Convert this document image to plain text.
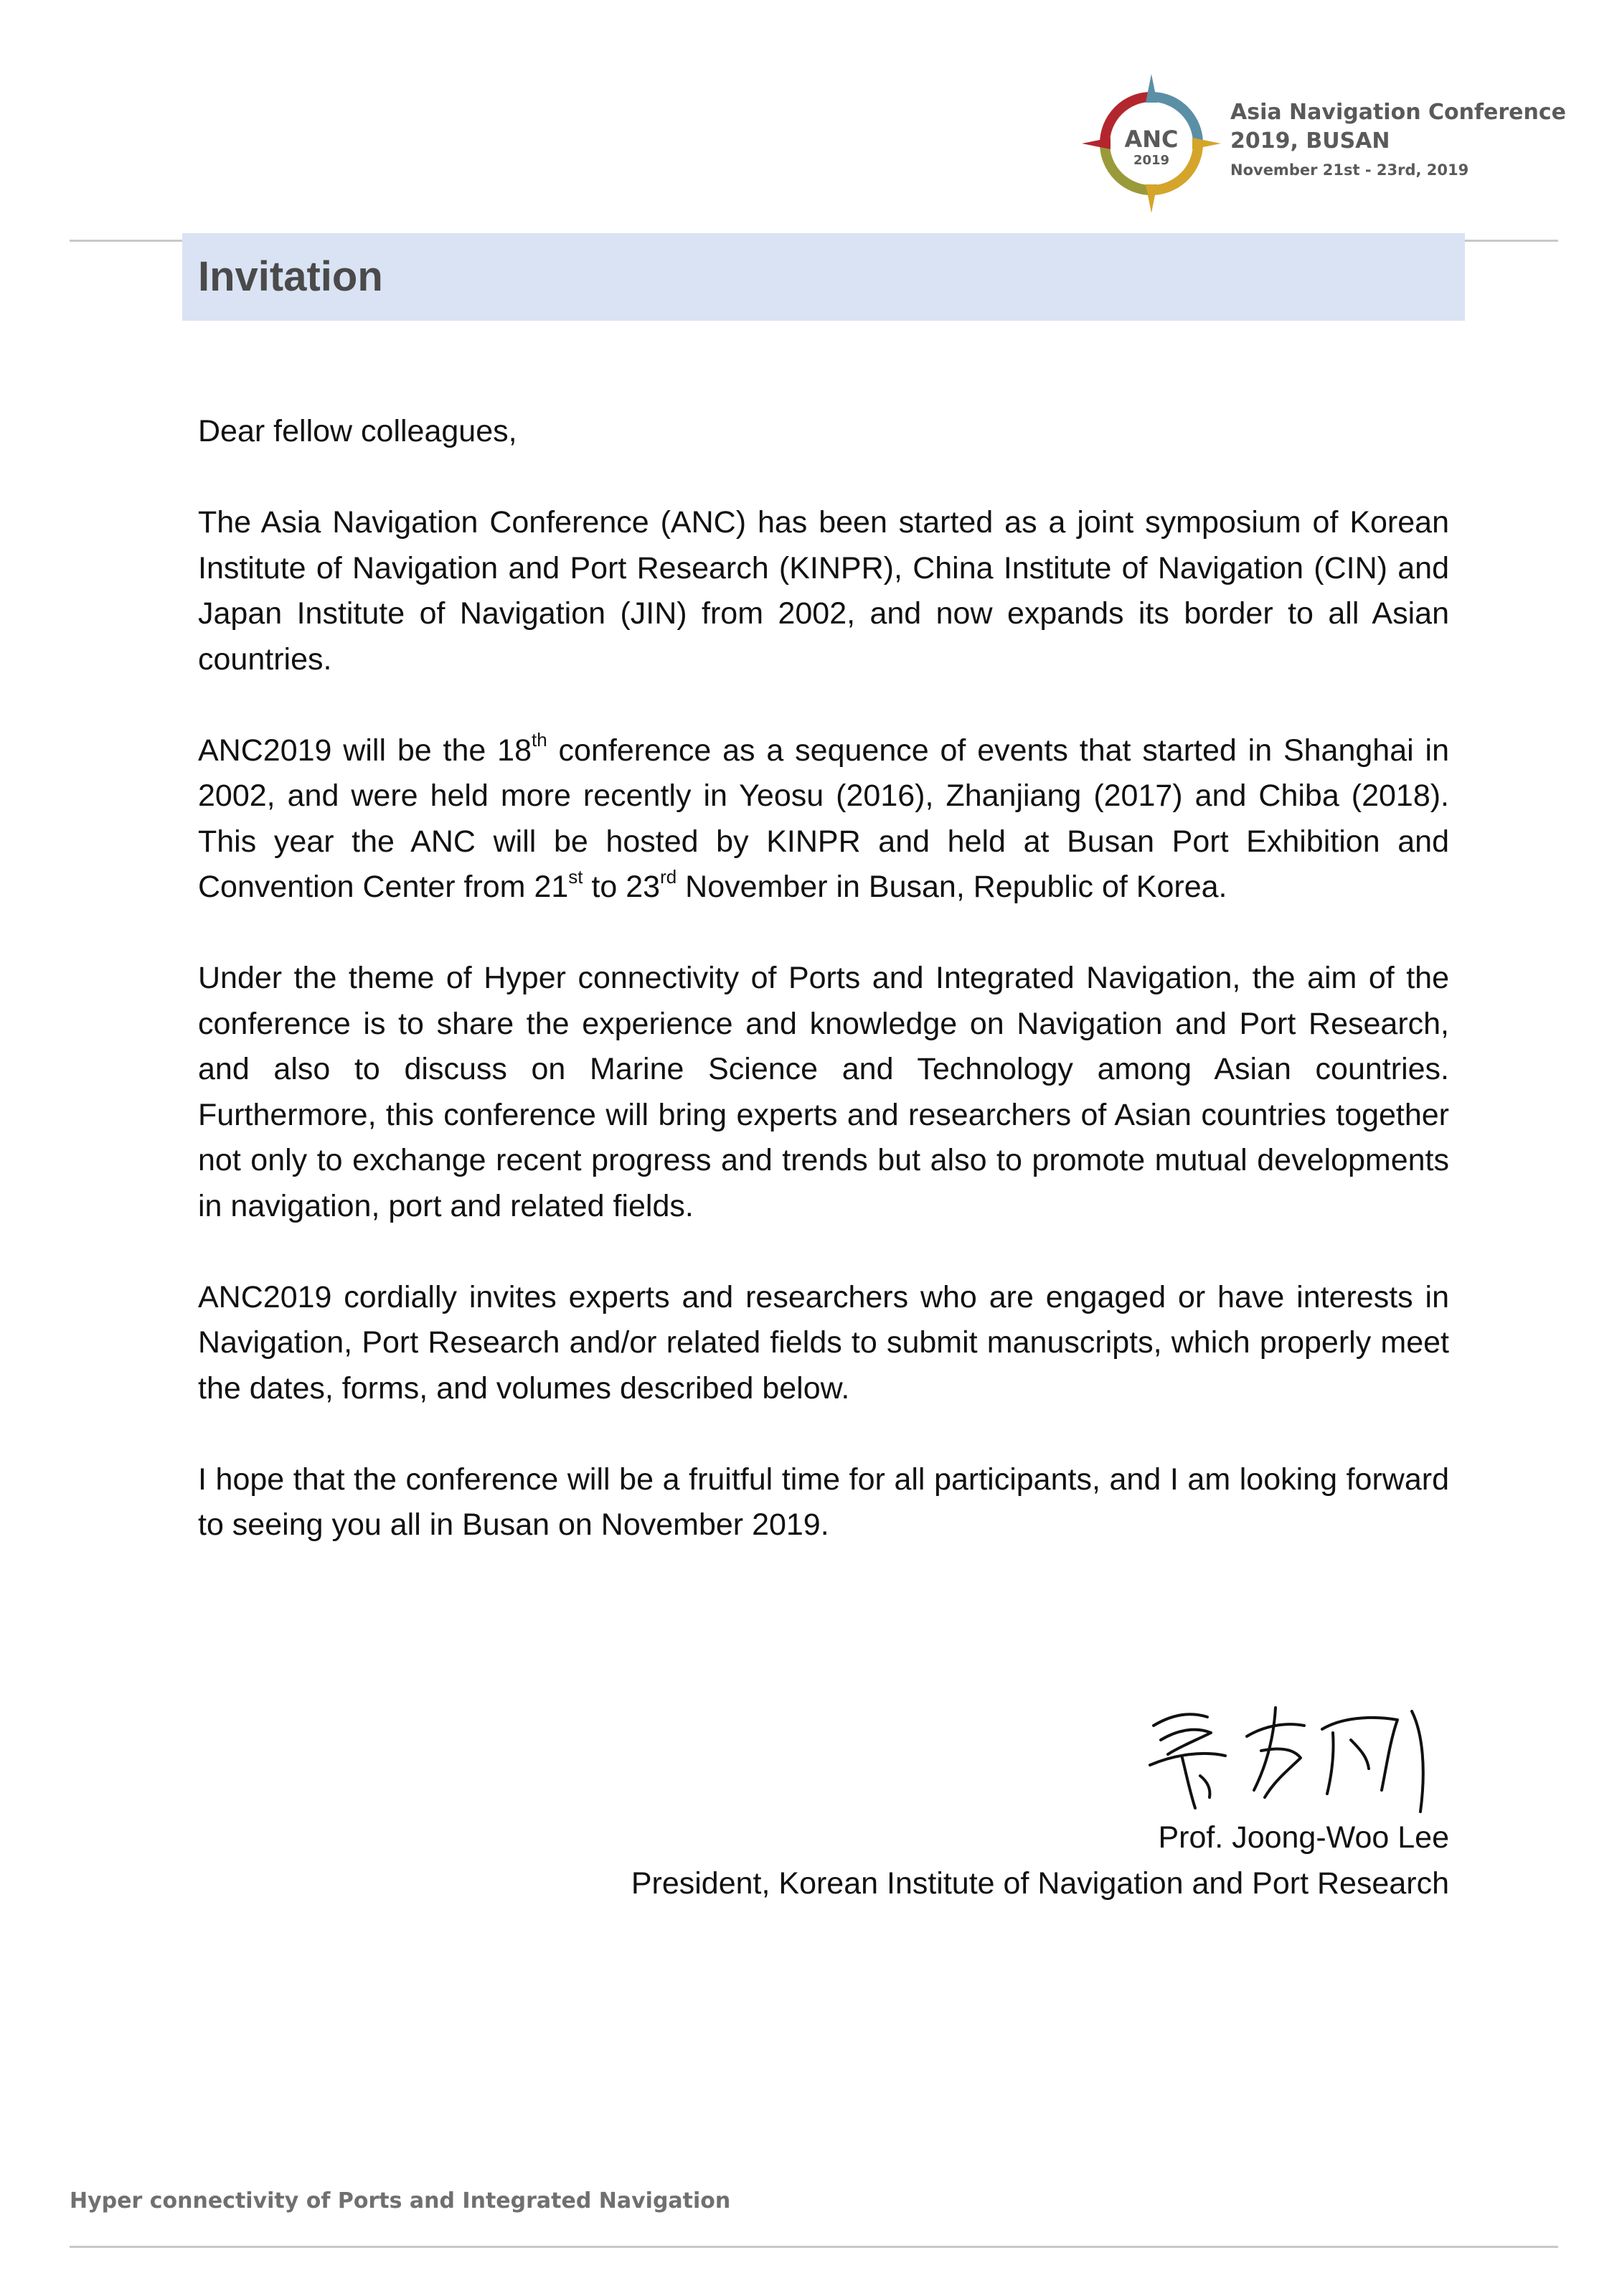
ANC
2019
Asia Navigation Conference
2019, BUSAN
November 21st - 23rd, 2019
Invitation

Dear fellow colleagues,

The Asia Navigation Conference (ANC) has been started as a joint symposium of Korean Institute of Navigation and Port Research (KINPR), China Institute of Navigation (CIN) and Japan Institute of Navigation (JIN) from 2002, and now expands its border to all Asian countries.

ANC2019 will be the 18th conference as a sequence of events that started in Shanghai in 2002, and were held more recently in Yeosu (2016), Zhanjiang (2017) and Chiba (2018). This year the ANC will be hosted by KINPR and held at Busan Port Exhibition and Convention Center from 21st to 23rd November in Busan, Republic of Korea.

Under the theme of Hyper connectivity of Ports and Integrated Navigation, the aim of the conference is to share the experience and knowledge on Navigation and Port Research, and also to discuss on Marine Science and Technology among Asian countries. Furthermore, this conference will bring experts and researchers of Asian countries together not only to exchange recent progress and trends but also to promote mutual developments in navigation, port and related fields.

ANC2019 cordially invites experts and researchers who are engaged or have interests in Navigation, Port Research and/or related fields to submit manuscripts, which properly meet the dates, forms, and volumes described below.

I hope that the conference will be a fruitful time for all participants, and I am looking forward to seeing you all in Busan on November 2019.

Prof. Joong-Woo Lee
President, Korean Institute of Navigation and Port Research
Hyper connectivity of Ports and Integrated Navigation
